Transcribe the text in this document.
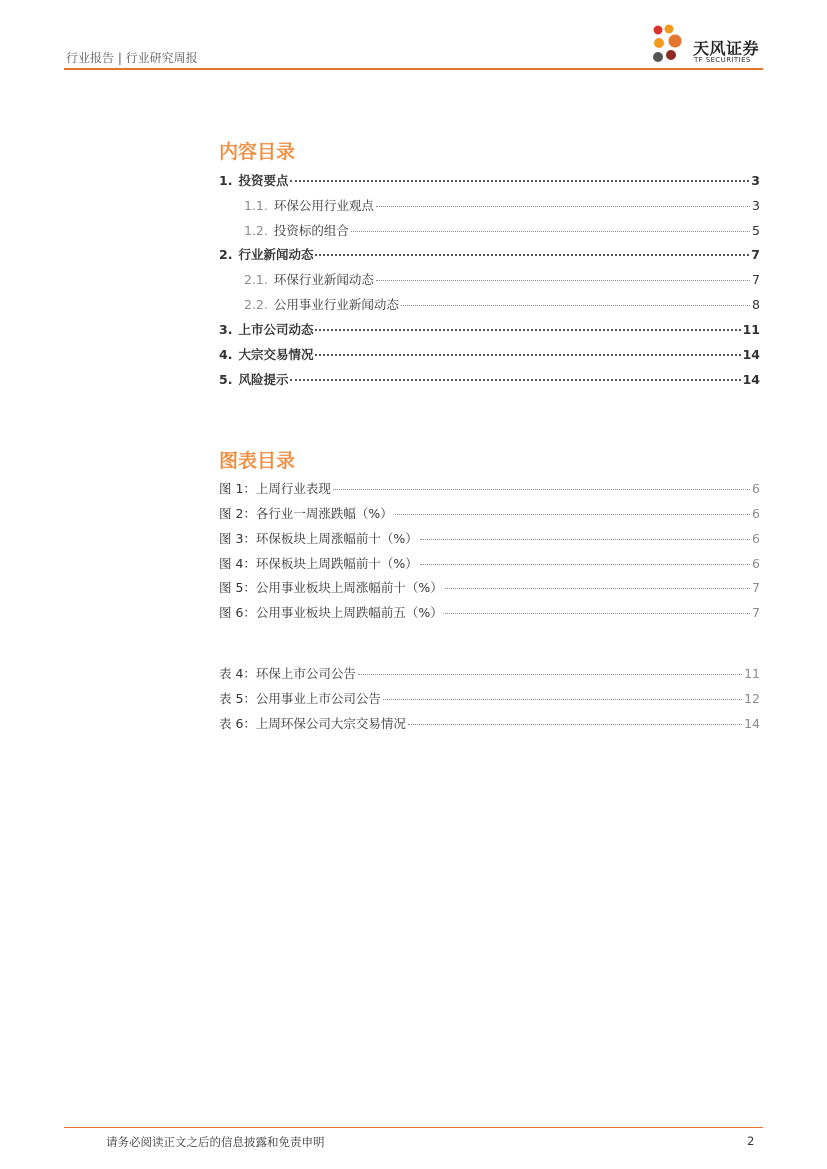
行业报告 | 行业研究周报	天风证券
TF SECURITIES
内容目录
1. 投资要点	3
1.1. 环保公用行业观点	3
1.2. 投资标的组合	5
2. 行业新闻动态	7
2.1. 环保行业新闻动态	7
2.2. 公用事业行业新闻动态	8
3. 上市公司动态	11
4. 大宗交易情况	14
5. 风险提示	14
图表目录
图 1：上周行业表现	6
图 2：各行业一周涨跌幅（%）	6
图 3：环保板块上周涨幅前十（%）	6
图 4：环保板块上周跌幅前十（%）	6
图 5：公用事业板块上周涨幅前十（%）	7
图 6：公用事业板块上周跌幅前五（%）	7
表 4：环保上市公司公告	11
表 5：公用事业上市公司公告	12
表 6：上周环保公司大宗交易情况	14
请务必阅读正文之后的信息披露和免责申明	2
